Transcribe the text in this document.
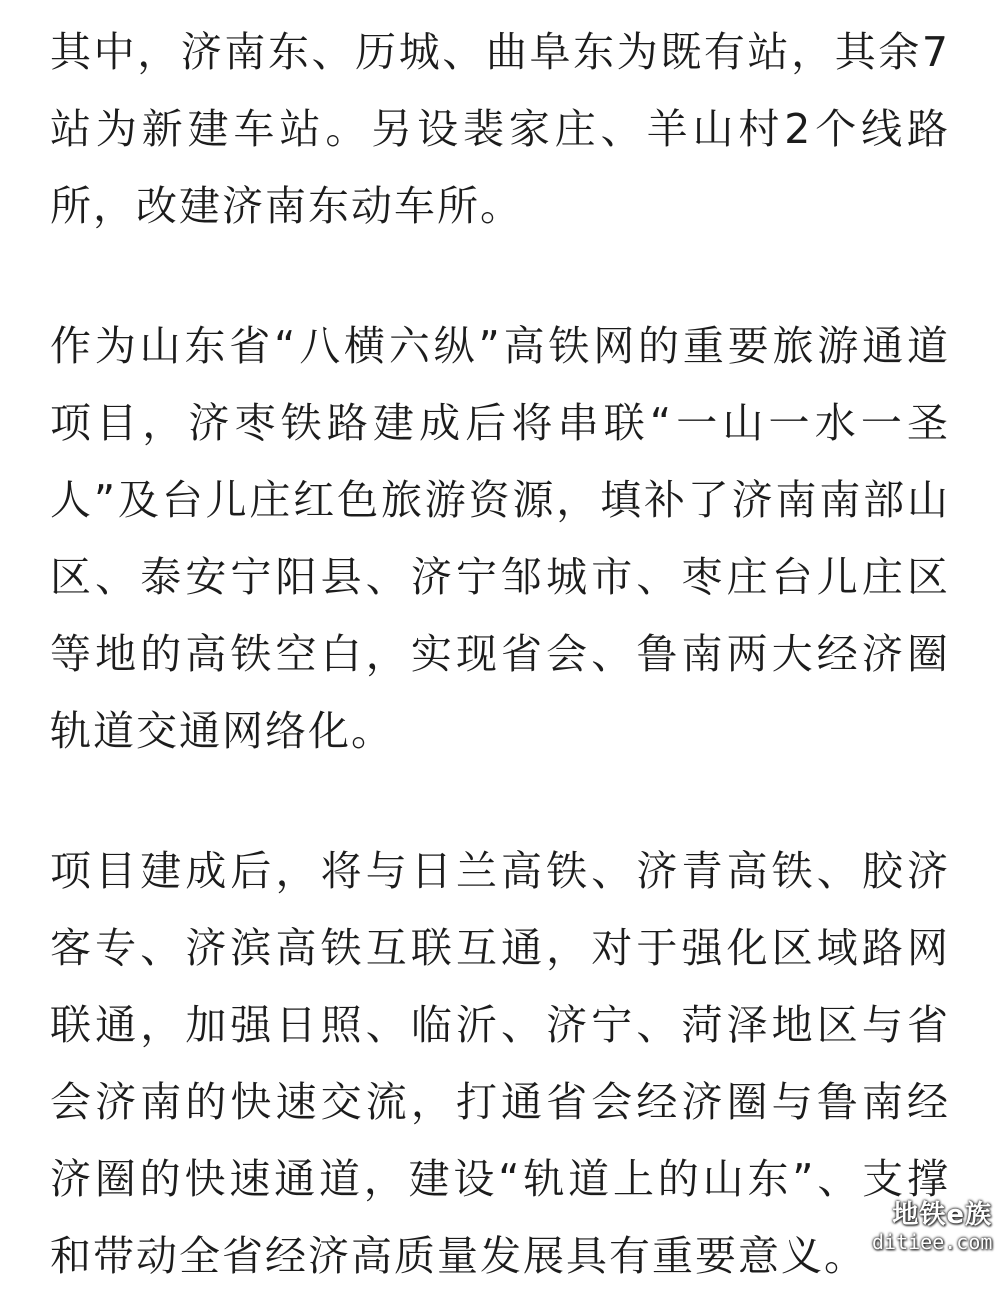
其中，济南东、历城、曲阜东为既有站，其余7站为新建车站。另设裴家庄、羊山村2个线路所，改建济南东动车所。

作为山东省“八横六纵”高铁网的重要旅游通道项目，济枣铁路建成后将串联“一山一水一圣人”及台儿庄红色旅游资源，填补了济南南部山区、泰安宁阳县、济宁邹城市、枣庄台儿庄区等地的高铁空白，实现省会、鲁南两大经济圈轨道交通网络化。

项目建成后，将与日兰高铁、济青高铁、胶济客专、济滨高铁互联互通，对于强化区域路网联通，加强日照、临沂、济宁、菏泽地区与省会济南的快速交流，打通省会经济圈与鲁南经济圈的快速通道，建设“轨道上的山东”、支撑和带动全省经济高质量发展具有重要意义。

地铁e族
ditiee.com
